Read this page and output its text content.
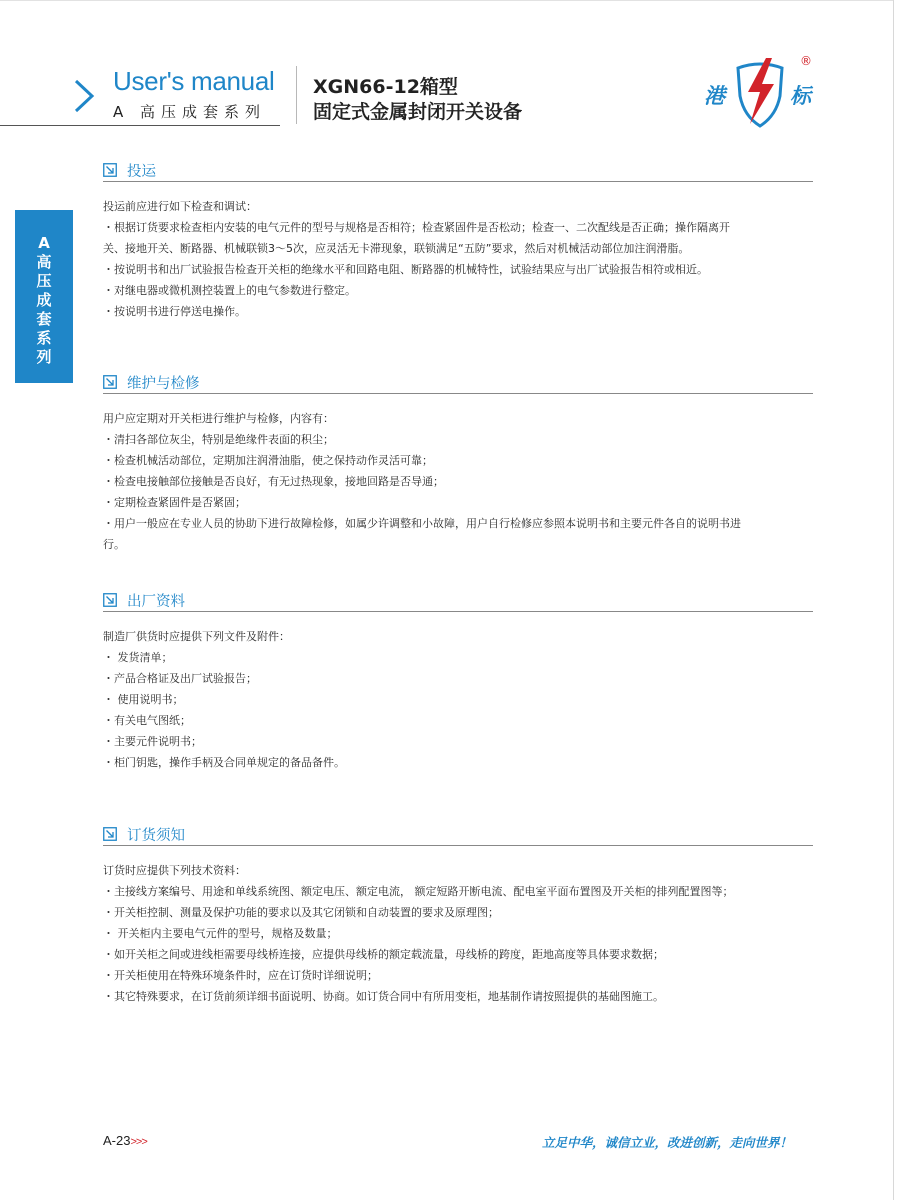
User's manual
A 高压成套系列
XGN66-12箱型
固定式金属封闭开关设备
港	标
®
A
高
压
成
套
系
列
投运
投运前应进行如下检查和调试：
・根据订货要求检查柜内安装的电气元件的型号与规格是否相符；检查紧固件是否松动；检查一、二次配线是否正确；操作隔离开
关、接地开关、断路器、机械联锁3～5次，应灵活无卡滞现象，联锁满足“五防”要求，然后对机械活动部位加注润滑脂。
・按说明书和出厂试验报告检查开关柜的绝缘水平和回路电阻、断路器的机械特性，试验结果应与出厂试验报告相符或相近。
・对继电器或微机测控装置上的电气参数进行整定。
・按说明书进行停送电操作。
维护与检修
用户应定期对开关柜进行维护与检修，内容有：
・清扫各部位灰尘，特别是绝缘件表面的积尘；
・检查机械活动部位，定期加注润滑油脂，使之保持动作灵活可靠；
・检查电接触部位接触是否良好，有无过热现象，接地回路是否导通；
・定期检查紧固件是否紧固；
・用户一般应在专业人员的协助下进行故障检修，如属少许调整和小故障，用户自行检修应参照本说明书和主要元件各自的说明书进
行。
出厂资料
制造厂供货时应提供下列文件及附件：
・ 发货清单；
・产品合格证及出厂试验报告；
・ 使用说明书；
・有关电气图纸；
・主要元件说明书；
・柜门钥匙，操作手柄及合同单规定的备品备件。
订货须知
订货时应提供下列技术资料：
・主接线方案编号、用途和单线系统图、额定电压、额定电流， 额定短路开断电流、配电室平面布置图及开关柜的排列配置图等；
・开关柜控制、测量及保护功能的要求以及其它闭锁和自动装置的要求及原理图；
・ 开关柜内主要电气元件的型号，规格及数量；
・如开关柜之间或进线柜需要母线桥连接，应提供母线桥的额定载流量，母线桥的跨度，距地高度等具体要求数据；
・开关柜使用在特殊环境条件时，应在订货时详细说明；
・其它特殊要求，在订货前须详细书面说明、协商。如订货合同中有所用变柜，地基制作请按照提供的基础图施工。
A-23>>>	立足中华，诚信立业，改进创新，走向世界！
